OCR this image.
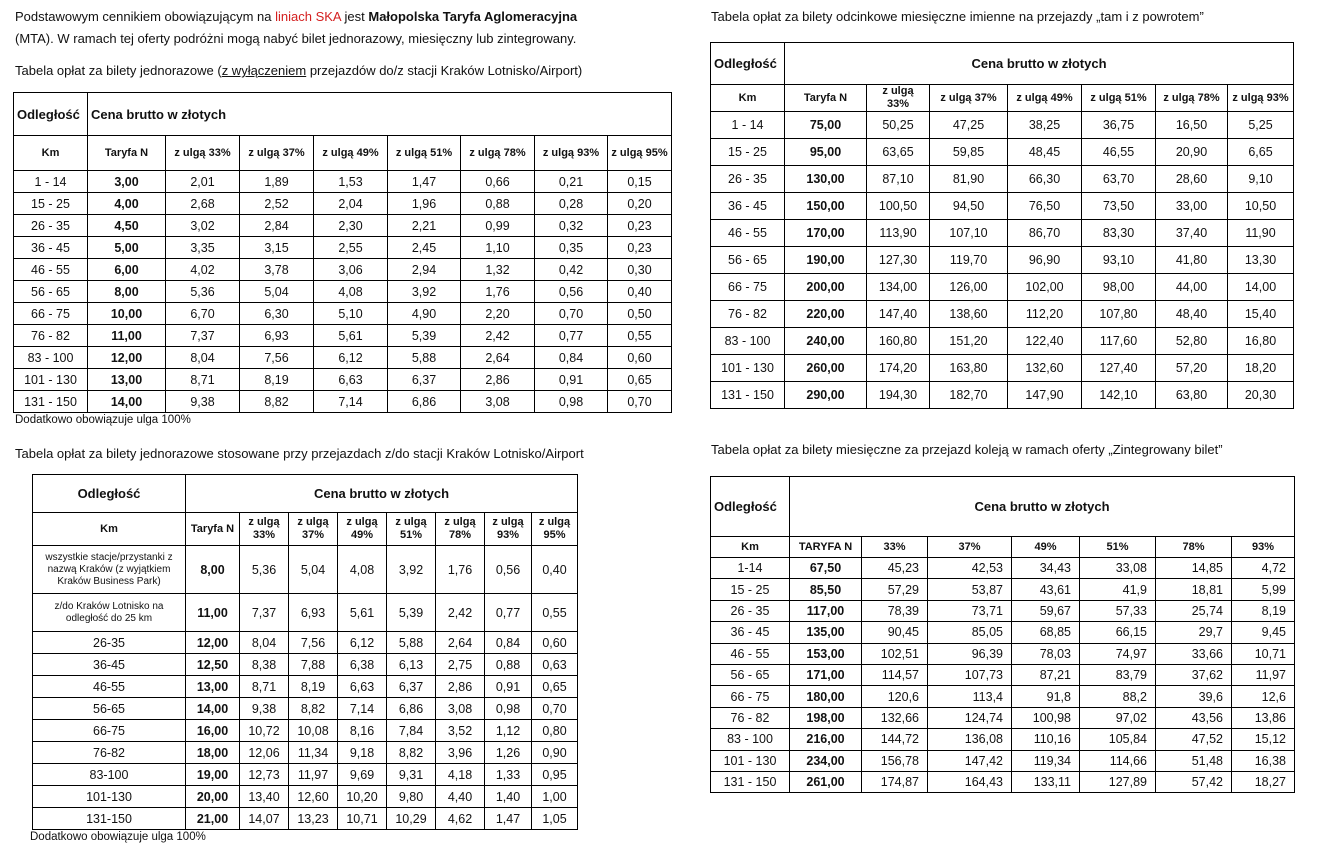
Podstawowym cennikiem obowiązującym na liniach SKA jest Małopolska Taryfa Aglomeracyjna
(MTA). W ramach tej oferty podróżni mogą nabyć bilet jednorazowy, miesięczny lub zintegrowany.

Tabela opłat za bilety jednorazowe (z wyłączeniem przejazdów do/z stacji Kraków Lotnisko/Airport)

Odległość	Cena brutto w złotych							
Km	Taryfa N	z ulgą 33%	z ulgą 37%	z ulgą 49%	z ulgą 51%	z ulgą 78%	z ulgą 93%	z ulgą 95%
1 - 14	3,00	2,01	1,89	1,53	1,47	0,66	0,21	0,15
15 - 25	4,00	2,68	2,52	2,04	1,96	0,88	0,28	0,20
26 - 35	4,50	3,02	2,84	2,30	2,21	0,99	0,32	0,23
36 - 45	5,00	3,35	3,15	2,55	2,45	1,10	0,35	0,23
46 - 55	6,00	4,02	3,78	3,06	2,94	1,32	0,42	0,30
56 - 65	8,00	5,36	5,04	4,08	3,92	1,76	0,56	0,40
66 - 75	10,00	6,70	6,30	5,10	4,90	2,20	0,70	0,50
76 - 82	11,00	7,37	6,93	5,61	5,39	2,42	0,77	0,55
83 - 100	12,00	8,04	7,56	6,12	5,88	2,64	0,84	0,60
101 - 130	13,00	8,71	8,19	6,63	6,37	2,86	0,91	0,65
131 - 150	14,00	9,38	8,82	7,14	6,86	3,08	0,98	0,70

Dodatkowo obowiązuje ulga 100%

Tabela opłat za bilety jednorazowe stosowane przy przejazdach z/do stacji Kraków Lotnisko/Airport

Odległość	Cena brutto w złotych							
Km	Taryfa N	z ulgą 33%	z ulgą 37%	z ulgą 49%	z ulgą 51%	z ulgą 78%	z ulgą 93%	z ulgą 95%
wszystkie stacje/przystanki z nazwą Kraków (z wyjątkiem Kraków Business Park)	8,00	5,36	5,04	4,08	3,92	1,76	0,56	0,40
z/do Kraków Lotnisko na odległość do 25 km	11,00	7,37	6,93	5,61	5,39	2,42	0,77	0,55
26-35	12,00	8,04	7,56	6,12	5,88	2,64	0,84	0,60
36-45	12,50	8,38	7,88	6,38	6,13	2,75	0,88	0,63
46-55	13,00	8,71	8,19	6,63	6,37	2,86	0,91	0,65
56-65	14,00	9,38	8,82	7,14	6,86	3,08	0,98	0,70
66-75	16,00	10,72	10,08	8,16	7,84	3,52	1,12	0,80
76-82	18,00	12,06	11,34	9,18	8,82	3,96	1,26	0,90
83-100	19,00	12,73	11,97	9,69	9,31	4,18	1,33	0,95
101-130	20,00	13,40	12,60	10,20	9,80	4,40	1,40	1,00
131-150	21,00	14,07	13,23	10,71	10,29	4,62	1,47	1,05

Dodatkowo obowiązuje ulga 100%

Tabela opłat za bilety odcinkowe miesięczne imienne na przejazdy „tam i z powrotem”

Odległość	Cena brutto w złotych						
Km	Taryfa N	z ulgą 33%	z ulgą 37%	z ulgą 49%	z ulgą 51%	z ulgą 78%	z ulgą 93%
1 - 14	75,00	50,25	47,25	38,25	36,75	16,50	5,25
15 - 25	95,00	63,65	59,85	48,45	46,55	20,90	6,65
26 - 35	130,00	87,10	81,90	66,30	63,70	28,60	9,10
36 - 45	150,00	100,50	94,50	76,50	73,50	33,00	10,50
46 - 55	170,00	113,90	107,10	86,70	83,30	37,40	11,90
56 - 65	190,00	127,30	119,70	96,90	93,10	41,80	13,30
66 - 75	200,00	134,00	126,00	102,00	98,00	44,00	14,00
76 - 82	220,00	147,40	138,60	112,20	107,80	48,40	15,40
83 - 100	240,00	160,80	151,20	122,40	117,60	52,80	16,80
101 - 130	260,00	174,20	163,80	132,60	127,40	57,20	18,20
131 - 150	290,00	194,30	182,70	147,90	142,10	63,80	20,30

Tabela opłat za bilety miesięczne za przejazd koleją w ramach oferty „Zintegrowany bilet”

Odległość	Cena brutto w złotych						
Km	TARYFA N	33%	37%	49%	51%	78%	93%
1-14	67,50	45,23	42,53	34,43	33,08	14,85	4,72
15 - 25	85,50	57,29	53,87	43,61	41,9	18,81	5,99
26 - 35	117,00	78,39	73,71	59,67	57,33	25,74	8,19
36 - 45	135,00	90,45	85,05	68,85	66,15	29,7	9,45
46 - 55	153,00	102,51	96,39	78,03	74,97	33,66	10,71
56 - 65	171,00	114,57	107,73	87,21	83,79	37,62	11,97
66 - 75	180,00	120,6	113,4	91,8	88,2	39,6	12,6
76 - 82	198,00	132,66	124,74	100,98	97,02	43,56	13,86
83 - 100	216,00	144,72	136,08	110,16	105,84	47,52	15,12
101 - 130	234,00	156,78	147,42	119,34	114,66	51,48	16,38
131 - 150	261,00	174,87	164,43	133,11	127,89	57,42	18,27
